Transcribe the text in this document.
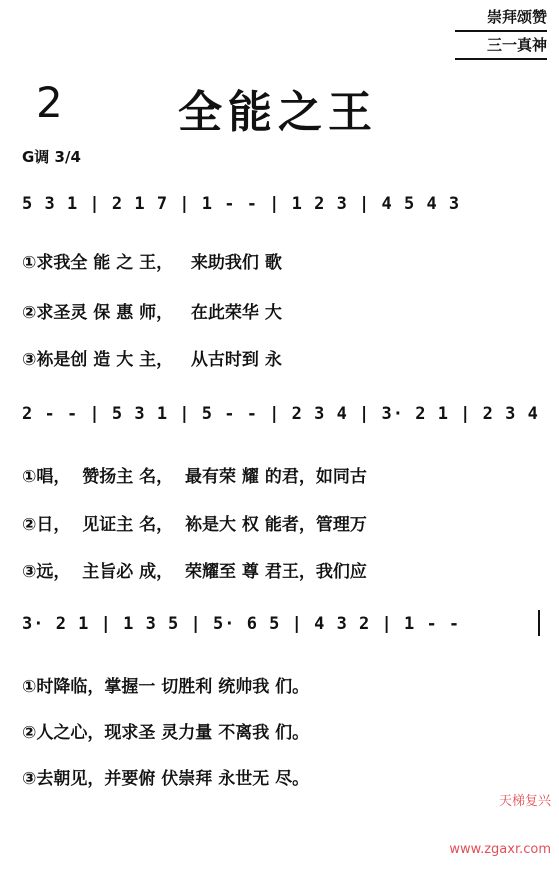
崇拜颂赞
三一真神
2	全能之王
G调 3/4
5 3 1 | 2 1 7 | 1 - - | 1 2 3 | 4 5 4 3
①求我全 能 之 王，   来助我们 歌
②求圣灵 保 惠 师，   在此荣华 大
③袮是创 造 大 主，   从古时到 永
2 - - | 5 3 1 | 5 - - | 2 3 4 | 3· 2 1 | 2 3 4
①唱，  赞扬主 名，  最有荣 耀 的君，如同古
②日，  见证主 名，  袮是大 权 能者，管理万
③远，  主旨必 成，  荣耀至 尊 君王，我们应
3· 2 1 | 1 3 5 | 5· 6 5 | 4 3 2 | 1 - -
①时降临，掌握一 切胜利 统帅我 们。
②人之心，现求圣 灵力量 不离我 们。
③去朝见，并要俯 伏崇拜 永世无 尽。

天梯复兴

www.zgaxr.com
